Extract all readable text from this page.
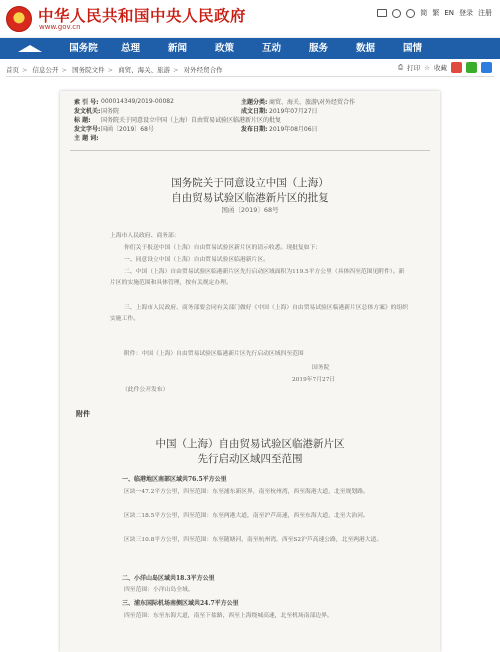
中华人民共和国中央人民政府
www.gov.cn
简 繁 EN 登录 注册
国务院	总理	新闻	政策	互动	服务	数据	国情
首页 > 信息公开 > 国务院文件 > 商贸、海关、旅游 > 对外经贸合作	⎙ 打印 ☆ 收藏
索 引 号: 000014349/2019-00082	主题分类: 商贸、海关、旅游\对外经贸合作
发文机关: 国务院	成文日期: 2019年07月27日
标 题:	国务院关于同意设立中国（上海）自由贸易试验区临港新片区的批复
发文字号: 国函〔2019〕68号	发布日期: 2019年08月06日
主 题 词:
国务院关于同意设立中国（上海）
自由贸易试验区临港新片区的批复
国函〔2019〕68号
上海市人民政府、商务部：
你们关于报送中国（上海）自由贸易试验区新片区的请示收悉。现批复如下：
一、同意设立中国（上海）自由贸易试验区临港新片区。
二、中国（上海）自由贸易试验区临港新片区先行启动区域面积为119.5平方公里（具体四至范围见附件）。新片区的实施范围和具体管理，按有关规定办理。
三、上海市人民政府、商务部要会同有关部门做好《中国（上海）自由贸易试验区临港新片区总体方案》的组织实施工作。
附件：中国（上海）自由贸易试验区临港新片区先行启动区域四至范围
国务院
2019年7月27日
（此件公开发布）
附件
中国（上海）自由贸易试验区临港新片区
先行启动区域四至范围
一、临港地区南部区域共76.5平方公里
区块一47.2平方公里，四至范围：东至浦东新区界，南至杭州湾，西至海港大道，北至规划路。
区块二18.5平方公里，四至范围：东至两港大道，南至沪芦高速，西至东海大道，北至大治河。
区块三10.8平方公里，四至范围：东至随塘河，南至杭州湾，西至S2沪芦高速公路，北至两港大道。
二、小洋山岛区域共18.3平方公里
四至范围：小洋山岛全域。
三、浦东国际机场南侧区域共24.7平方公里
四至范围：东至东海大道，南至下盐路，西至上海绕城高速，北至机场南部边界。
